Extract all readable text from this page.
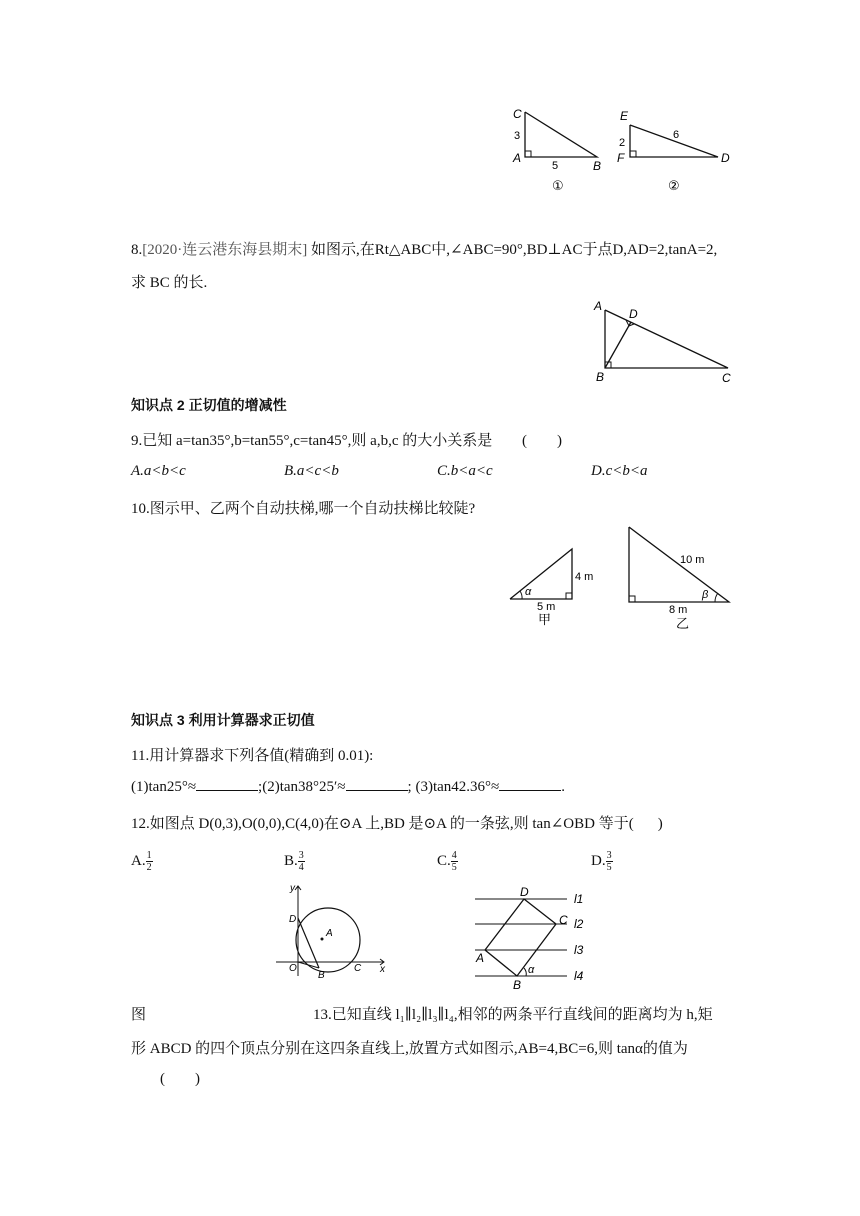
C
A
B
3
5
①
E
F	D
2
6
②
8.[2020·连云港东海县期末] 如图示,在Rt△ABC中,∠ABC=90°,BD⊥AC于点D,AD=2,tanA=2,
求 BC 的长.
A
D
B	C
知识点 2 正切值的增减性
9.已知 a=tan35°,b=tan55°,c=tan45°,则 a,b,c 的大小关系是 (        )
A.a<b<c	B.a<c<b	C.b<a<c	D.c<b<a
10.图示甲、乙两个自动扶梯,哪一个自动扶梯比较陡?
α
4 m
5 m
甲
β
10 m
8 m
乙
知识点 3 利用计算器求正切值
11.用计算器求下列各值(精确到 0.01):
(1)tan25°≈	;(2)tan38°25′≈	; (3)tan42.36°≈	.
12.如图点 D(0,3),O(0,0),C(4,0)在⊙A 上,BD 是⊙A 的一条弦,则 tan∠OBD 等于( )
A. $\frac{1}{2}$	B. $\frac{3}{4}$	C. $\frac{4}{5}$	D. $\frac{3}{5}$
y
x
O
D
A
B
C
D
C
A
B
α
l1
l2
l3
l4
图	13.已知直线 l₁∥l₂∥l₃∥l₄,相邻的两条平行直线间的距离均为 h,矩
形 ABCD 的四个顶点分别在这四条直线上,放置方式如图示,AB=4,BC=6,则 tanα的值为
(        )
